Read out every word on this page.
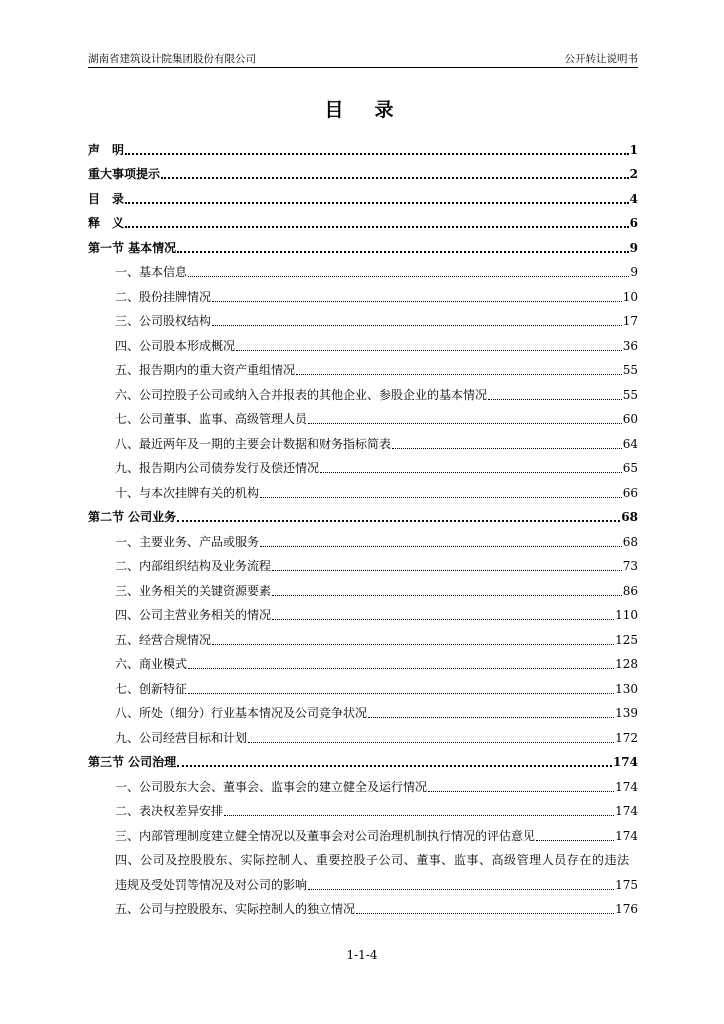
湖南省建筑设计院集团股份有限公司	公开转让说明书
目　录
声　明	1
重大事项提示	2
目　录	4
释　义	6
第一节 基本情况	9
一、基本信息	9
二、股份挂牌情况	10
三、公司股权结构	17
四、公司股本形成概况	36
五、报告期内的重大资产重组情况	55
六、公司控股子公司或纳入合并报表的其他企业、参股企业的基本情况	55
七、公司董事、监事、高级管理人员	60
八、最近两年及一期的主要会计数据和财务指标简表	64
九、报告期内公司债券发行及偿还情况	65
十、与本次挂牌有关的机构	66
第二节 公司业务	68
一、主要业务、产品或服务	68
二、内部组织结构及业务流程	73
三、业务相关的关键资源要素	86
四、公司主营业务相关的情况	110
五、经营合规情况	125
六、商业模式	128
七、创新特征	130
八、所处（细分）行业基本情况及公司竞争状况	139
九、公司经营目标和计划	172
第三节 公司治理	174
一、公司股东大会、董事会、监事会的建立健全及运行情况	174
二、表决权差异安排	174
三、内部管理制度建立健全情况以及董事会对公司治理机制执行情况的评估意见	174
四、公司及控股股东、实际控制人、重要控股子公司、董事、监事、高级管理人员存在的违法
违规及受处罚等情况及对公司的影响	175
五、公司与控股股东、实际控制人的独立情况	176
1-1-4
